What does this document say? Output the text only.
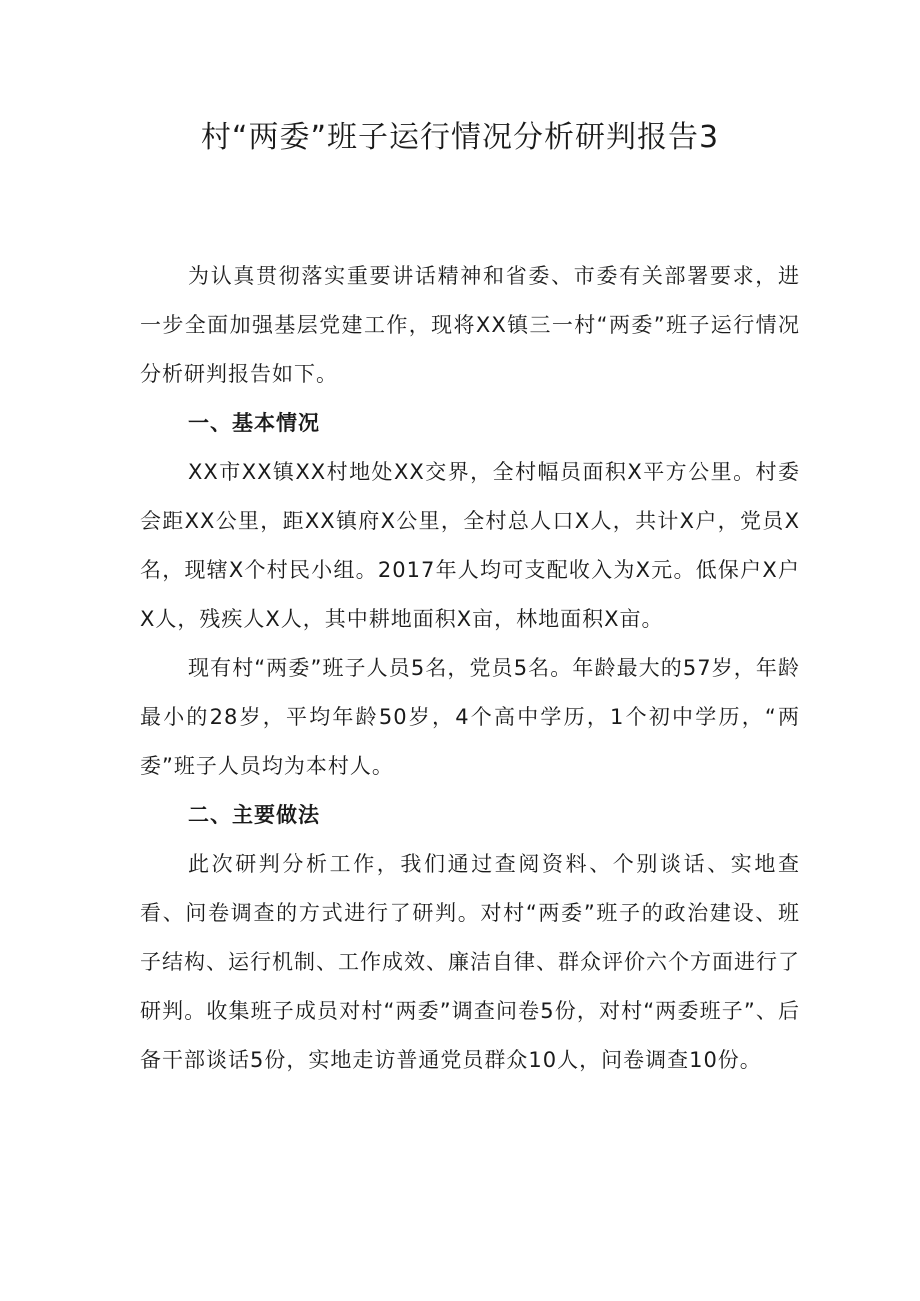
村“两委”班子运行情况分析研判报告3

为认真贯彻落实重要讲话精神和省委、市委有关部署要求，进一步全面加强基层党建工作，现将XX镇三一村“两委”班子运行情况分析研判报告如下。

一、基本情况

XX市XX镇XX村地处XX交界，全村幅员面积X平方公里。村委会距XX公里，距XX镇府X公里，全村总人口X人，共计X户，党员X名，现辖X个村民小组。2017年人均可支配收入为X元。低保户X户X人，残疾人X人，其中耕地面积X亩，林地面积X亩。

现有村“两委”班子人员5名，党员5名。年龄最大的57岁，年龄最小的28岁，平均年龄50岁，4个高中学历，1个初中学历，“两委”班子人员均为本村人。

二、主要做法

此次研判分析工作，我们通过查阅资料、个别谈话、实地查看、问卷调查的方式进行了研判。对村“两委”班子的政治建设、班子结构、运行机制、工作成效、廉洁自律、群众评价六个方面进行了研判。收集班子成员对村“两委”调查问卷5份，对村“两委班子”、后备干部谈话5份，实地走访普通党员群众10人，问卷调查10份。
